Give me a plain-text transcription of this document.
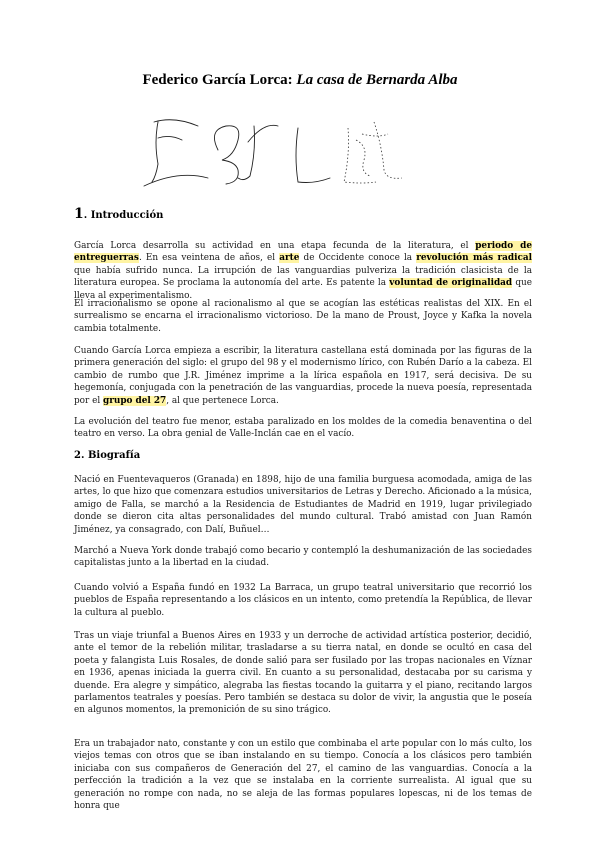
Federico García Lorca: La casa de Bernarda Alba
1. Introducción

García Lorca desarrolla su actividad en una etapa fecunda de la literatura, el periodo de entreguerras. En esa veintena de años, el arte de Occidente conoce la revolución más radical que había sufrido nunca. La irrupción de las vanguardias pulveriza la tradición clasicista de la literatura europea. Se proclama la autonomía del arte. Es patente la voluntad de originalidad que lleva al experimentalismo.

El irracionalismo se opone al racionalismo al que se acogían las estéticas realistas del XIX. En el surrealismo se encarna el irracionalismo victorioso. De la mano de Proust, Joyce y Kafka la novela cambia totalmente.

Cuando García Lorca empieza a escribir, la literatura castellana está dominada por las figuras de la primera generación del siglo: el grupo del 98 y el modernismo lírico, con Rubén Darío a la cabeza. El cambio de rumbo que J.R. Jiménez imprime a la lírica española en 1917, será decisiva. De su hegemonía, conjugada con la penetración de las vanguardias, procede la nueva poesía, representada por el grupo del 27, al que pertenece Lorca.

La evolución del teatro fue menor, estaba paralizado en los moldes de la comedia benaventina o del teatro en verso. La obra genial de Valle-Inclán cae en el vacío.

2. Biografía

Nació en Fuentevaqueros (Granada) en 1898, hijo de una familia burguesa acomodada, amiga de las artes, lo que hizo que comenzara estudios universitarios de Letras y Derecho. Aficionado a la música, amigo de Falla, se marchó a la Residencia de Estudiantes de Madrid en 1919, lugar privilegiado donde se dieron cita altas personalidades del mundo cultural. Trabó amistad con Juan Ramón Jiménez, ya consagrado, con Dalí, Buñuel…

Marchó a Nueva York donde trabajó como becario y contempló la deshumanización de las sociedades capitalistas junto a la libertad en la ciudad.

Cuando volvió a España fundó en 1932 La Barraca, un grupo teatral universitario que recorrió los pueblos de España representando a los clásicos en un intento, como pretendía la República, de llevar la cultura al pueblo.

Tras un viaje triunfal a Buenos Aires en 1933 y un derroche de actividad artística posterior, decidió, ante el temor de la rebelión militar, trasladarse a su tierra natal, en donde se ocultó en casa del poeta y falangista Luis Rosales, de donde salió para ser fusilado por las tropas nacionales en Víznar en 1936, apenas iniciada la guerra civil. En cuanto a su personalidad, destacaba por su carisma y duende. Era alegre y simpático, alegraba las fiestas tocando la guitarra y el piano, recitando largos parlamentos teatrales y poesías. Pero también se destaca su dolor de vivir, la angustia que le poseía en algunos momentos, la premonición de su sino trágico.

Era un trabajador nato, constante y con un estilo que combinaba el arte popular con lo más culto, los viejos temas con otros que se iban instalando en su tiempo. Conocía a los clásicos pero también iniciaba con sus compañeros de Generación del 27, el camino de las vanguardias. Conocía a la perfección la tradición a la vez que se instalaba en la corriente surrealista. Al igual que su generación no rompe con nada, no se aleja de las formas populares lopescas, ni de los temas de honra que
